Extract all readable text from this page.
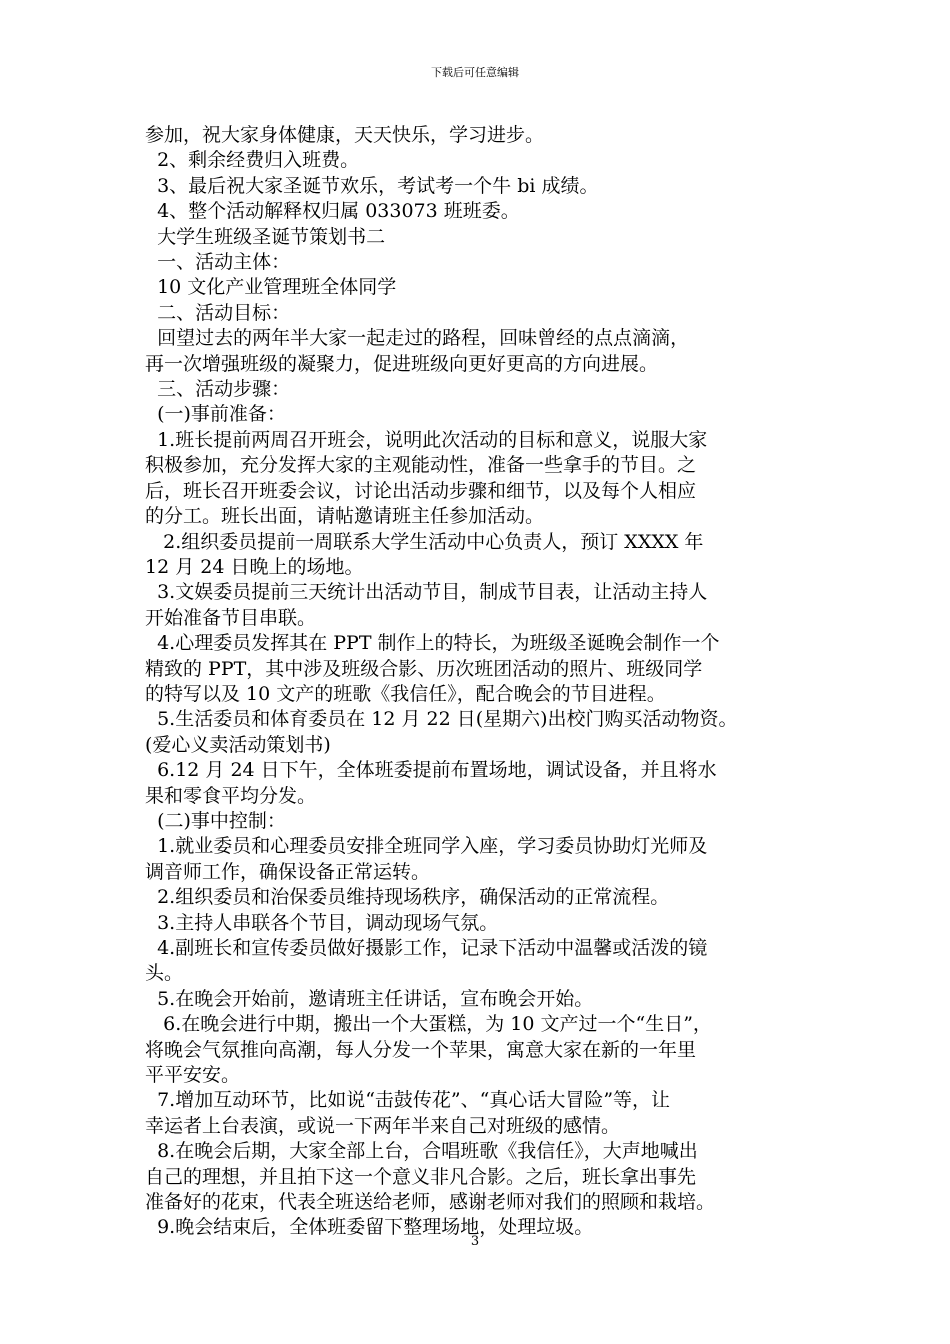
下载后可任意编辑

参加，祝大家身体健康，天天快乐，学习进步。

2、剩余经费归入班费。

3、最后祝大家圣诞节欢乐，考试考一个牛 bi 成绩。

4、整个活动解释权归属 033073 班班委。

大学生班级圣诞节策划书二

一、活动主体：

10 文化产业管理班全体同学

二、活动目标：

回望过去的两年半大家一起走过的路程，回味曾经的点点滴滴，

再一次增强班级的凝聚力，促进班级向更好更高的方向进展。

三、活动步骤：

(一)事前准备：

1.班长提前两周召开班会，说明此次活动的目标和意义，说服大家

积极参加，充分发挥大家的主观能动性，准备一些拿手的节目。之

后，班长召开班委会议，讨论出活动步骤和细节，以及每个人相应

的分工。班长出面，请帖邀请班主任参加活动。

2.组织委员提前一周联系大学生活动中心负责人，预订 XXXX 年

12 月 24 日晚上的场地。

3.文娱委员提前三天统计出活动节目，制成节目表，让活动主持人

开始准备节目串联。

4.心理委员发挥其在 PPT 制作上的特长，为班级圣诞晚会制作一个

精致的 PPT，其中涉及班级合影、历次班团活动的照片、班级同学

的特写以及 10 文产的班歌《我信任》，配合晚会的节目进程。

5.生活委员和体育委员在 12 月 22 日(星期六)出校门购买活动物资。

(爱心义卖活动策划书)

6.12 月 24 日下午，全体班委提前布置场地，调试设备，并且将水

果和零食平均分发。

(二)事中控制：

1.就业委员和心理委员安排全班同学入座，学习委员协助灯光师及

调音师工作，确保设备正常运转。

2.组织委员和治保委员维持现场秩序，确保活动的正常流程。

3.主持人串联各个节目，调动现场气氛。

4.副班长和宣传委员做好摄影工作，记录下活动中温馨或活泼的镜

头。

5.在晚会开始前，邀请班主任讲话，宣布晚会开始。

6.在晚会进行中期，搬出一个大蛋糕，为 10 文产过一个“生日”，

将晚会气氛推向高潮，每人分发一个苹果，寓意大家在新的一年里

平平安安。

7.增加互动环节，比如说“击鼓传花”、“真心话大冒险”等，让

幸运者上台表演，或说一下两年半来自己对班级的感情。

8.在晚会后期，大家全部上台，合唱班歌《我信任》，大声地喊出

自己的理想，并且拍下这一个意义非凡合影。之后，班长拿出事先

准备好的花束，代表全班送给老师，感谢老师对我们的照顾和栽培。

9.晚会结束后，全体班委留下整理场地，处理垃圾。

3
